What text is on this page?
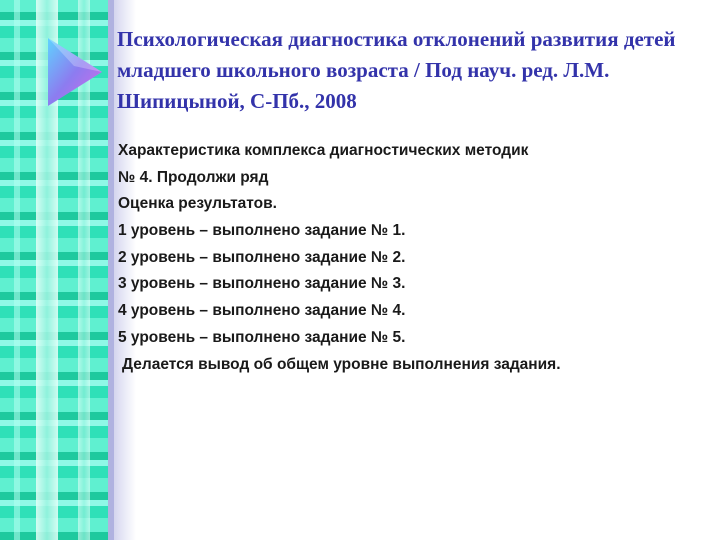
Психологическая диагностика отклонений развития детей младшего школьного возраста / Под науч. ред. Л.М. Шипицыной, С-Пб., 2008
Характеристика комплекса диагностических методик
№ 4. Продолжи ряд
Оценка результатов.
1 уровень – выполнено задание № 1.
2 уровень – выполнено задание № 2.
3 уровень – выполнено задание № 3.
4 уровень – выполнено задание № 4.
5 уровень – выполнено задание № 5.
Делается вывод об общем уровне выполнения задания.
